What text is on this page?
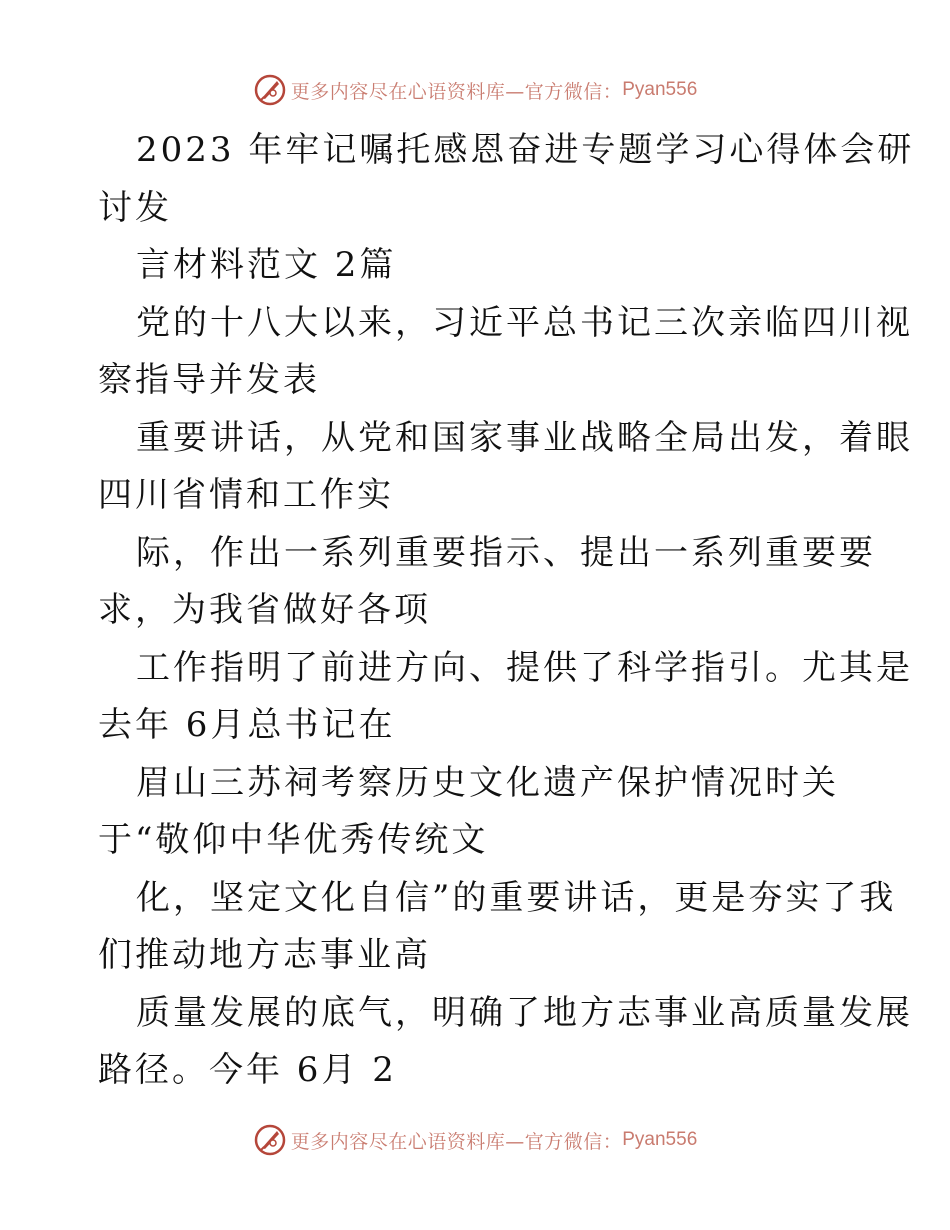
更多内容尽在心语资料库—官方微信： Pyan556
2023 年牢记嘱托感恩奋进专题学习心得体会研
讨发
言材料范文 2篇
党的十八大以来，习近平总书记三次亲临四川视
察指导并发表
重要讲话，从党和国家事业战略全局出发，着眼
四川省情和工作实
际，作出一系列重要指示、提出一系列重要要
求，为我省做好各项
工作指明了前进方向、提供了科学指引。尤其是
去年 6月总书记在
眉山三苏祠考察历史文化遗产保护情况时关
于“敬仰中华优秀传统文
化，坚定文化自信”的重要讲话，更是夯实了我
们推动地方志事业高
质量发展的底气，明确了地方志事业高质量发展
路径。今年 6月 2
更多内容尽在心语资料库—官方微信： Pyan556
